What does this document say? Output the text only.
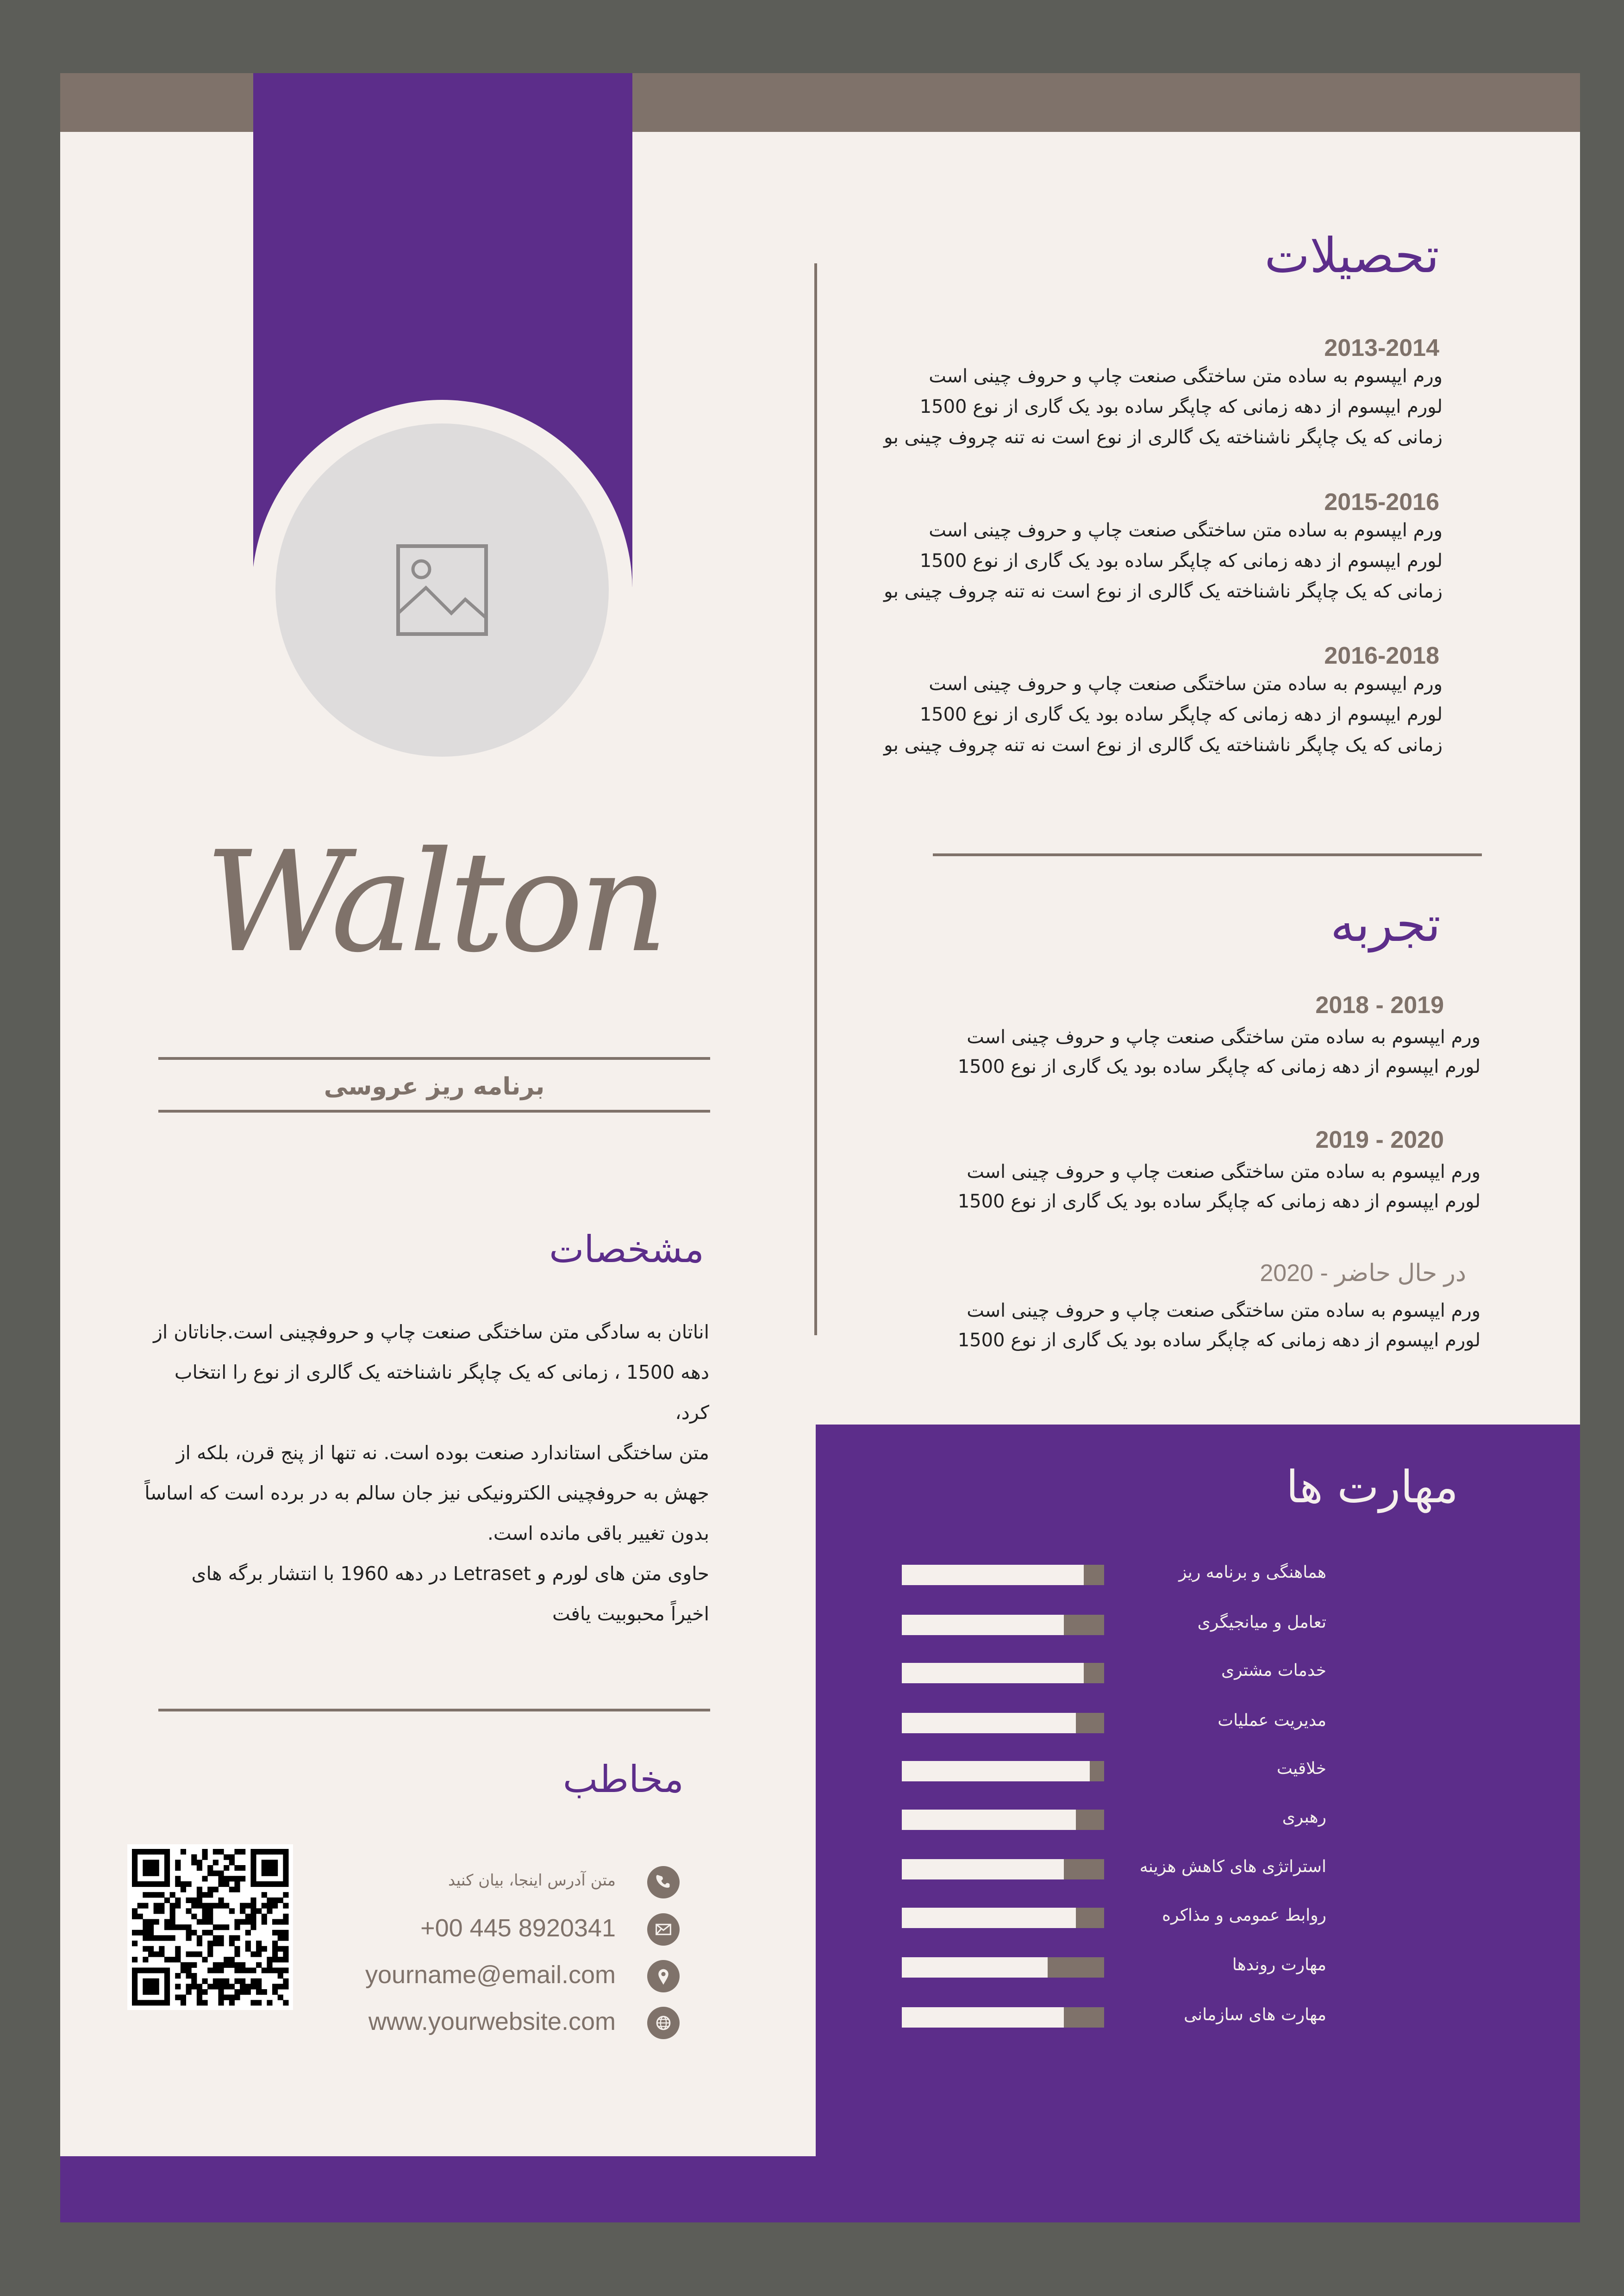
Walton
برنامه ریز عروسی
مشخصات
اناتان به سادگی متن ساختگی صنعت چاپ و حروفچینی است.جاناتان از
دهه 1500 ، زمانی که یک چاپگر ناشناخته یک گالری از نوع را انتخاب کرد،
متن ساختگی استاندارد صنعت بوده است. نه تنها از پنج قرن، بلکه از
جهش به حروفچینی الکترونیکی نیز جان سالم به در برده است که اساساً
بدون تغییر باقی مانده است.
حاوی متن های لورم و Letraset در دهه 1960 با انتشار برگه های
اخیراً محبوبیت یافت
مخاطب
تحصیلات
تجربه
مهارت ها
2013-2014
ورم ایپسوم به ساده متن ساختگی صنعت چاپ و حروف چینی است
لورم ایپسوم از دهه زمانی که چاپگر ساده بود یک گاری از نوع 1500
زمانی که یک چاپگر ناشناخته یک گالری از نوع است نه تنه چروف چینی بو
2015-2016
ورم ایپسوم به ساده متن ساختگی صنعت چاپ و حروف چینی است
لورم ایپسوم از دهه زمانی که چاپگر ساده بود یک گاری از نوع 1500
زمانی که یک چاپگر ناشناخته یک گالری از نوع است نه تنه چروف چینی بو
2016-2018
ورم ایپسوم به ساده متن ساختگی صنعت چاپ و حروف چینی است
لورم ایپسوم از دهه زمانی که چاپگر ساده بود یک گاری از نوع 1500
زمانی که یک چاپگر ناشناخته یک گالری از نوع است نه تنه چروف چینی بو
2018 - 2019
ورم ایپسوم به ساده متن ساختگی صنعت چاپ و حروف چینی است
لورم ایپسوم از دهه زمانی که چاپگر ساده بود یک گاری از نوع 1500
2019 - 2020
ورم ایپسوم به ساده متن ساختگی صنعت چاپ و حروف چینی است
لورم ایپسوم از دهه زمانی که چاپگر ساده بود یک گاری از نوع 1500
در حال حاضر - 2020
ورم ایپسوم به ساده متن ساختگی صنعت چاپ و حروف چینی است
لورم ایپسوم از دهه زمانی که چاپگر ساده بود یک گاری از نوع 1500
هماهنگی و برنامه ریز
تعامل و میانجیگری
خدمات مشتری
مدیریت عملیات
خلاقیت
رهبری
استراتژی های کاهش هزینه
روابط عمومی و مذاکره
مهارت روندها
مهارت های سازمانی
متن آدرس اینجا، بیان کنید
+00 445 8920341
yourname@email.com
www.yourwebsite.com
